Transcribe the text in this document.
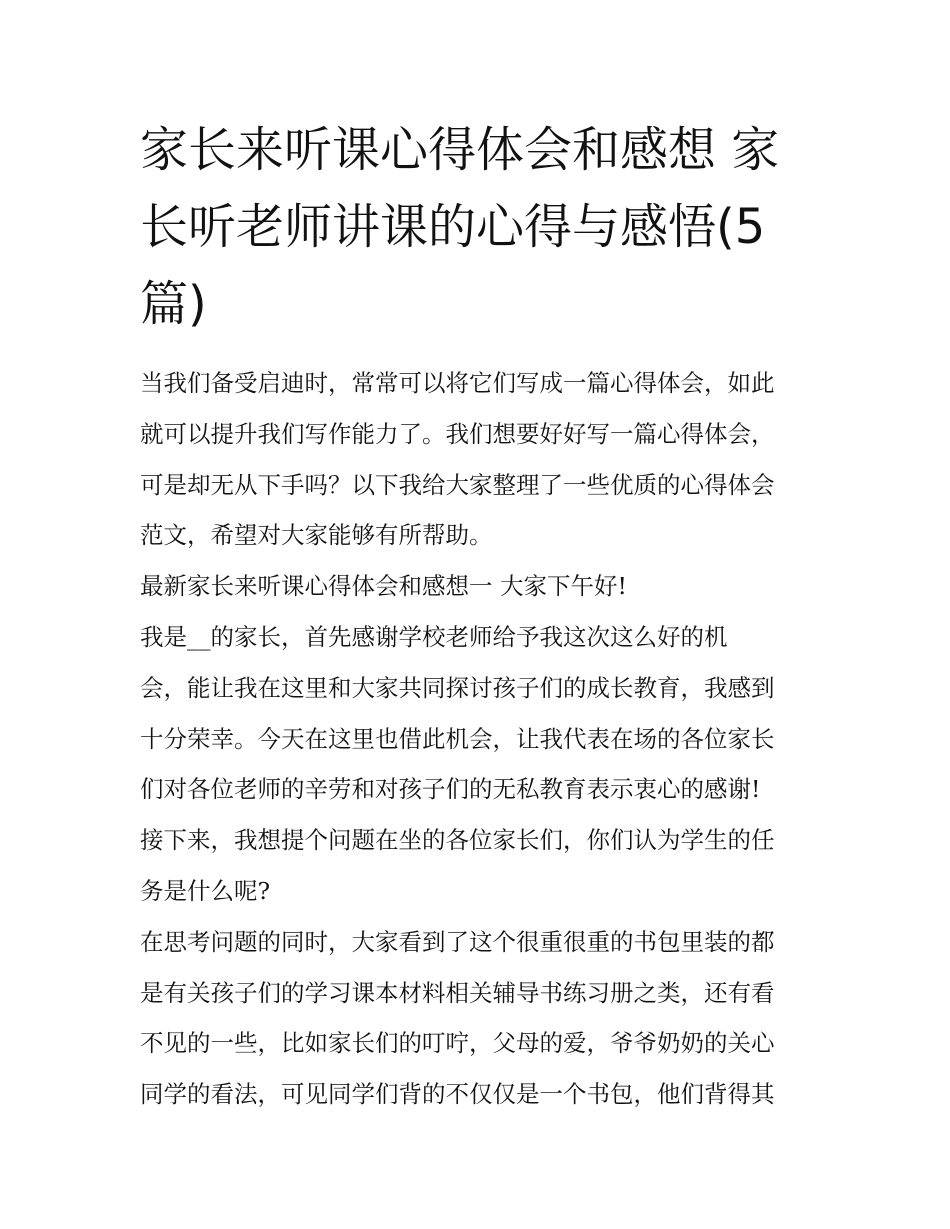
家长来听课心得体会和感想 家
长听老师讲课的心得与感悟(5
篇)
当我们备受启迪时，常常可以将它们写成一篇心得体会，如此
就可以提升我们写作能力了。我们想要好好写一篇心得体会，
可是却无从下手吗？以下我给大家整理了一些优质的心得体会
范文，希望对大家能够有所帮助。
最新家长来听课心得体会和感想一 大家下午好!
我是__的家长，首先感谢学校老师给予我这次这么好的机
会，能让我在这里和大家共同探讨孩子们的成长教育，我感到
十分荣幸。今天在这里也借此机会，让我代表在场的各位家长
们对各位老师的辛劳和对孩子们的无私教育表示衷心的感谢!
接下来，我想提个问题在坐的各位家长们，你们认为学生的任
务是什么呢?
在思考问题的同时，大家看到了这个很重很重的书包里装的都
是有关孩子们的学习课本材料相关辅导书练习册之类，还有看
不见的一些，比如家长们的叮咛，父母的爱，爷爷奶奶的关心
同学的看法，可见同学们背的不仅仅是一个书包，他们背得其
